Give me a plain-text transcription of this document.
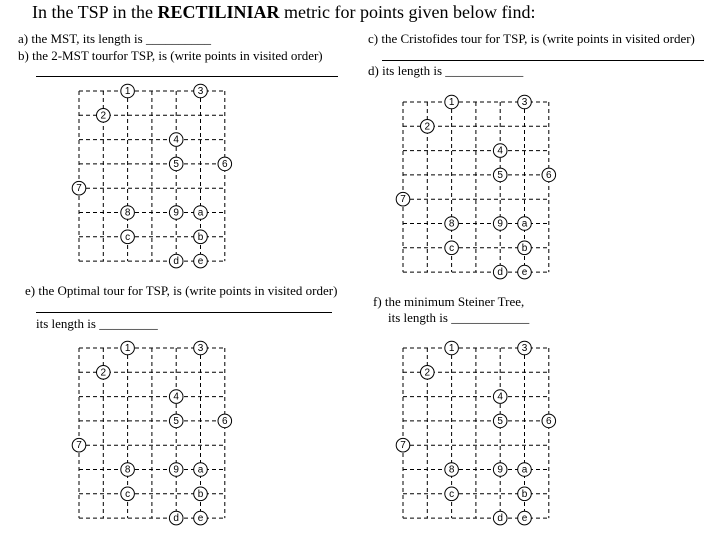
In the TSP in the RECTILINIAR metric for points given below find:
a) the MST, its length is __________
b) the 2-MST tourfor TSP, is (write points in visited order)
c) the Cristofides tour for TSP, is (write points in visited order)
d) its length is ____________
e) the Optimal tour for TSP, is (write points in visited order)
its length is _________
f) the minimum Steiner Tree,
its length is ____________
1	3
2
4
5	6
7
8	9 a
c	b
d e
1	3
2
4
5	6
7
8	9 a
c	b
d e
1	3
2
4
5	6
7
8	9 a
c	b
d e
1	3
2
4
5	6
7
8	9 a
c	b
d e
